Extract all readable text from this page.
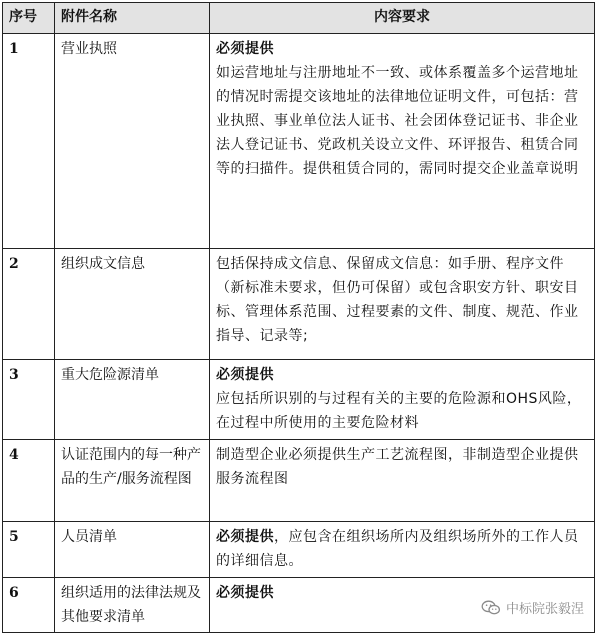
序号	附件名称	内容要求
1	营业执照	必须提供
如运营地址与注册地址不一致、或体系覆盖多个运营地址的情况时需提交该地址的法律地位证明文件，可包括：营业执照、事业单位法人证书、社会团体登记证书、非企业法人登记证书、党政机关设立文件、环评报告、租赁合同等的扫描件。提供租赁合同的，需同时提交企业盖章说明

2	组织成文信息	包括保持成文信息、保留成文信息：如手册、程序文件（新标准未要求，但仍可保留）或包含职安方针、职安目标、管理体系范围、过程要素的文件、制度、规范、作业指导、记录等;

3	重大危险源清单	必须提供
应包括所识别的与过程有关的主要的危险源和OHS风险，在过程中所使用的主要危险材料

4	认证范围内的每一种产品的生产/服务流程图	制造型企业必须提供生产工艺流程图，非制造型企业提供服务流程图

5	人员清单	必须提供，应包含在组织场所内及组织场所外的工作人员的详细信息。
6	组织适用的法律法规及其他要求清单	必须提供
中标院张毅涅
